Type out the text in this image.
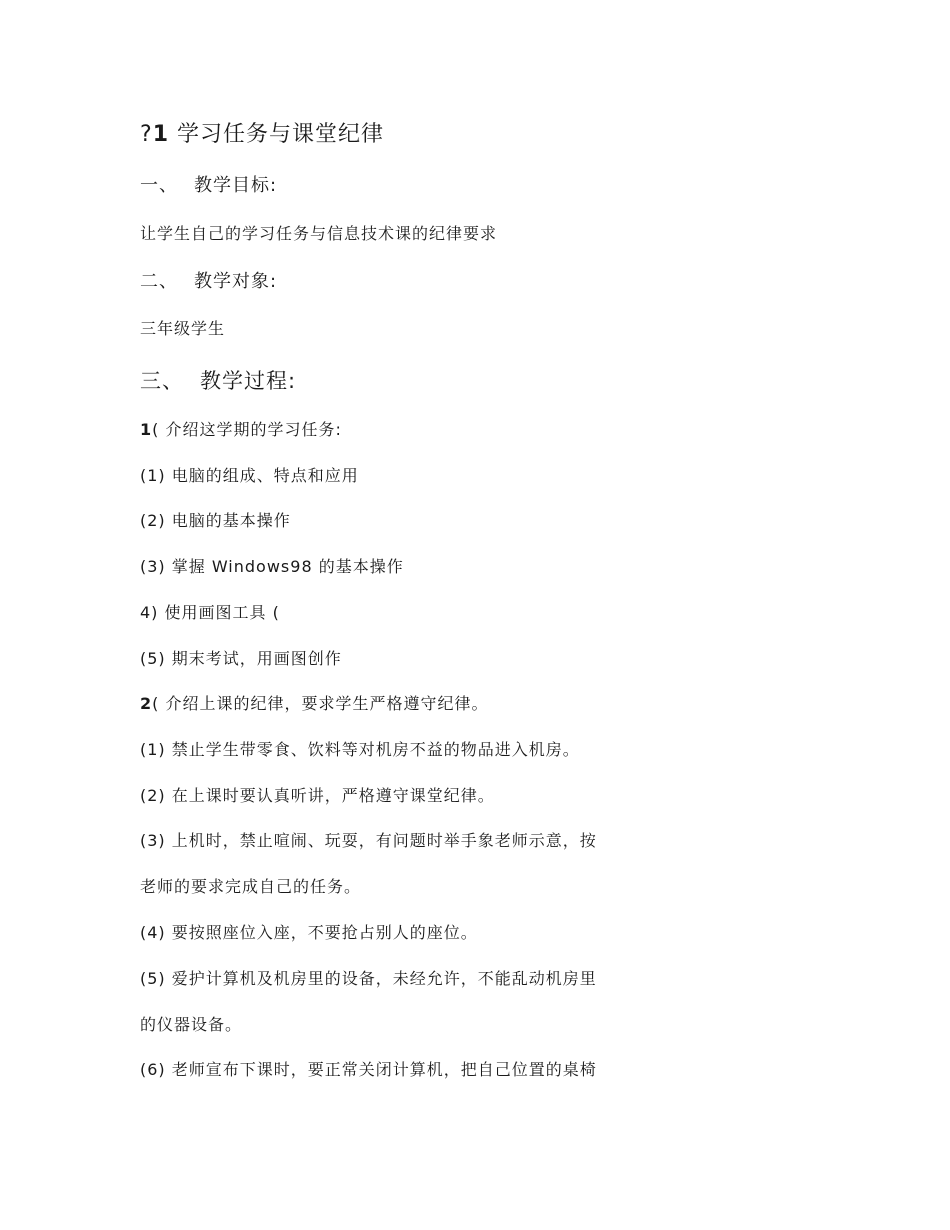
?1 学习任务与课堂纪律
一、 教学目标:
让学生自己的学习任务与信息技术课的纪律要求
二、 教学对象:
三年级学生
三、 教学过程:
1( 介绍这学期的学习任务:
(1) 电脑的组成、特点和应用
(2) 电脑的基本操作
(3) 掌握 Windows98 的基本操作
4) 使用画图工具 (
(5) 期末考试，用画图创作
2( 介绍上课的纪律，要求学生严格遵守纪律。
(1) 禁止学生带零食、饮料等对机房不益的物品进入机房。
(2) 在上课时要认真听讲，严格遵守课堂纪律。
(3) 上机时，禁止喧闹、玩耍，有问题时举手象老师示意，按
老师的要求完成自己的任务。
(4) 要按照座位入座，不要抢占别人的座位。
(5) 爱护计算机及机房里的设备，未经允许，不能乱动机房里
的仪器设备。
(6) 老师宣布下课时，要正常关闭计算机，把自己位置的桌椅
